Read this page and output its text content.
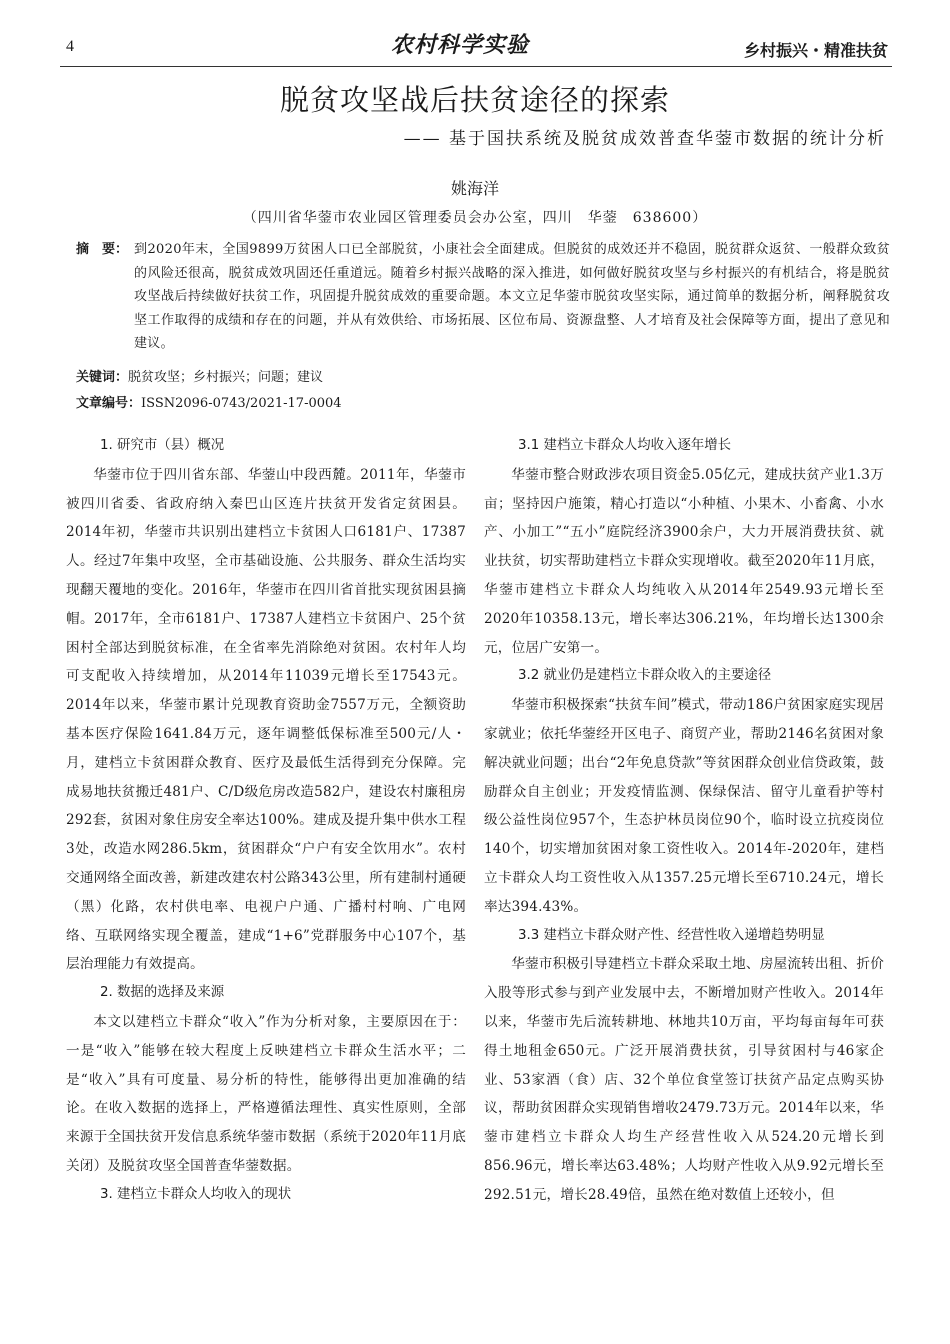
4	农村科学实验	乡村振兴・精准扶贫
脱贫攻坚战后扶贫途径的探索
—— 基于国扶系统及脱贫成效普查华蓥市数据的统计分析
姚海洋
（四川省华蓥市农业园区管理委员会办公室，四川　华蓥　638600）
摘　要： 到2020年末，全国9899万贫困人口已全部脱贫，小康社会全面建成。但脱贫的成效还并不稳固，脱贫群众返贫、一般群众致贫的风险还很高，脱贫成效巩固还任重道远。随着乡村振兴战略的深入推进，如何做好脱贫攻坚与乡村振兴的有机结合，将是脱贫攻坚战后持续做好扶贫工作，巩固提升脱贫成效的重要命题。本文立足华蓥市脱贫攻坚实际，通过简单的数据分析，阐释脱贫攻坚工作取得的成绩和存在的问题，并从有效供给、市场拓展、区位布局、资源盘整、人才培育及社会保障等方面，提出了意见和建议。
关键词：脱贫攻坚；乡村振兴；问题；建议
文章编号：ISSN2096-0743/2021-17-0004
1. 研究市（县）概况

华蓥市位于四川省东部、华蓥山中段西麓。2011年，华蓥市被四川省委、省政府纳入秦巴山区连片扶贫开发省定贫困县。2014年初，华蓥市共识别出建档立卡贫困人口6181户、17387人。经过7年集中攻坚，全市基础设施、公共服务、群众生活均实现翻天覆地的变化。2016年，华蓥市在四川省首批实现贫困县摘帽。2017年，全市6181户、17387人建档立卡贫困户、25个贫困村全部达到脱贫标准，在全省率先消除绝对贫困。农村年人均可支配收入持续增加，从2014年11039元增长至17543元。2014年以来，华蓥市累计兑现教育资助金7557万元，全额资助基本医疗保险1641.84万元，逐年调整低保标准至500元/人・月，建档立卡贫困群众教育、医疗及最低生活得到充分保障。完成易地扶贫搬迁481户、C/D级危房改造582户，建设农村廉租房292套，贫困对象住房安全率达100%。建成及提升集中供水工程3处，改造水网286.5km，贫困群众“户户有安全饮用水”。农村交通网络全面改善，新建改建农村公路343公里，所有建制村通硬（黑）化路，农村供电率、电视户户通、广播村村响、广电网络、互联网络实现全覆盖，建成“1+6”党群服务中心107个，基层治理能力有效提高。

2. 数据的选择及来源

本文以建档立卡群众“收入”作为分析对象，主要原因在于：一是“收入”能够在较大程度上反映建档立卡群众生活水平；二是“收入”具有可度量、易分析的特性，能够得出更加准确的结论。在收入数据的选择上，严格遵循法理性、真实性原则，全部来源于全国扶贫开发信息系统华蓥市数据（系统于2020年11月底关闭）及脱贫攻坚全国普查华蓥数据。

3. 建档立卡群众人均收入的现状
3.1 建档立卡群众人均收入逐年增长

华蓥市整合财政涉农项目资金5.05亿元，建成扶贫产业1.3万亩；坚持因户施策，精心打造以“小种植、小果木、小畜禽、小水产、小加工”“五小”庭院经济3900余户，大力开展消费扶贫、就业扶贫，切实帮助建档立卡群众实现增收。截至2020年11月底，华蓥市建档立卡群众人均纯收入从2014年2549.93元增长至2020年10358.13元，增长率达306.21%，年均增长达1300余元，位居广安第一。

3.2 就业仍是建档立卡群众收入的主要途径

华蓥市积极探索“扶贫车间”模式，带动186户贫困家庭实现居家就业；依托华蓥经开区电子、商贸产业，帮助2146名贫困对象解决就业问题；出台“2年免息贷款”等贫困群众创业信贷政策，鼓励群众自主创业；开发疫情监测、保绿保洁、留守儿童看护等村级公益性岗位957个，生态护林员岗位90个，临时设立抗疫岗位140个，切实增加贫困对象工资性收入。2014年-2020年，建档立卡群众人均工资性收入从1357.25元增长至6710.24元，增长率达394.43%。

3.3 建档立卡群众财产性、经营性收入递增趋势明显

华蓥市积极引导建档立卡群众采取土地、房屋流转出租、折价入股等形式参与到产业发展中去，不断增加财产性收入。2014年以来，华蓥市先后流转耕地、林地共10万亩，平均每亩每年可获得土地租金650元。广泛开展消费扶贫，引导贫困村与46家企业、53家酒（食）店、32个单位食堂签订扶贫产品定点购买协议，帮助贫困群众实现销售增收2479.73万元。2014年以来，华蓥市建档立卡群众人均生产经营性收入从524.20元增长到856.96元，增长率达63.48%；人均财产性收入从9.92元增长至292.51元，增长28.49倍，虽然在绝对数值上还较小，但
